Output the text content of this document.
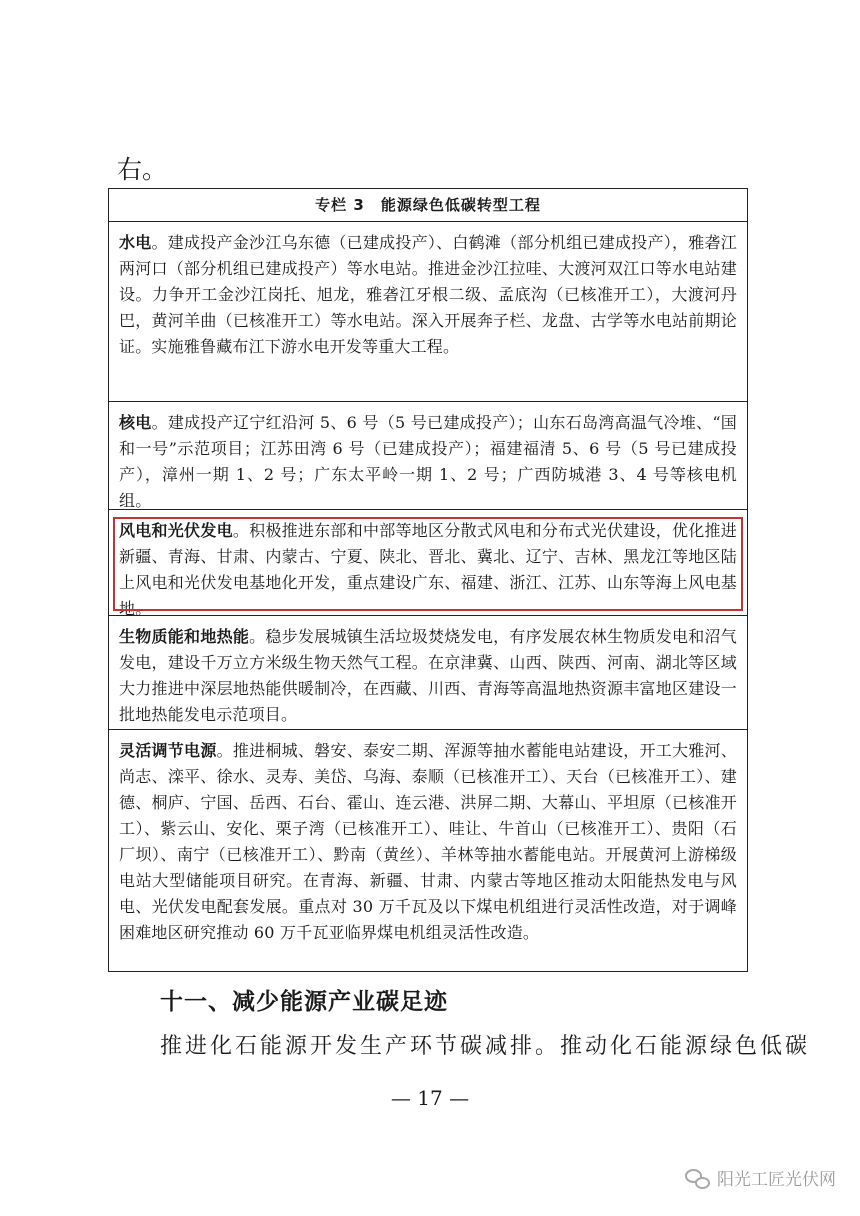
右。
专栏 3　能源绿色低碳转型工程
水电。建成投产金沙江乌东德（已建成投产）、白鹤滩（部分机组已建成投产），雅砻江两河口（部分机组已建成投产）等水电站。推进金沙江拉哇、大渡河双江口等水电站建设。力争开工金沙江岗托、旭龙，雅砻江牙根二级、孟底沟（已核准开工），大渡河丹巴，黄河羊曲（已核准开工）等水电站。深入开展奔子栏、龙盘、古学等水电站前期论证。实施雅鲁藏布江下游水电开发等重大工程。
核电。建成投产辽宁红沿河 5、6 号（5 号已建成投产）；山东石岛湾高温气冷堆、“国和一号”示范项目；江苏田湾 6 号（已建成投产）；福建福清 5、6 号（5 号已建成投产），漳州一期 1、2 号；广东太平岭一期 1、2 号；广西防城港 3、4 号等核电机组。
风电和光伏发电。积极推进东部和中部等地区分散式风电和分布式光伏建设，优化推进新疆、青海、甘肃、内蒙古、宁夏、陕北、晋北、冀北、辽宁、吉林、黑龙江等地区陆上风电和光伏发电基地化开发，重点建设广东、福建、浙江、江苏、山东等海上风电基地。
生物质能和地热能。稳步发展城镇生活垃圾焚烧发电，有序发展农林生物质发电和沼气发电，建设千万立方米级生物天然气工程。在京津冀、山西、陕西、河南、湖北等区域大力推进中深层地热能供暖制冷，在西藏、川西、青海等高温地热资源丰富地区建设一批地热能发电示范项目。
灵活调节电源。推进桐城、磐安、泰安二期、浑源等抽水蓄能电站建设，开工大雅河、尚志、滦平、徐水、灵寿、美岱、乌海、泰顺（已核准开工）、天台（已核准开工）、建德、桐庐、宁国、岳西、石台、霍山、连云港、洪屏二期、大幕山、平坦原（已核准开工）、紫云山、安化、栗子湾（已核准开工）、哇让、牛首山（已核准开工）、贵阳（石厂坝）、南宁（已核准开工）、黔南（黄丝）、羊林等抽水蓄能电站。开展黄河上游梯级电站大型储能项目研究。在青海、新疆、甘肃、内蒙古等地区推动太阳能热发电与风电、光伏发电配套发展。重点对 30 万千瓦及以下煤电机组进行灵活性改造，对于调峰困难地区研究推动 60 万千瓦亚临界煤电机组灵活性改造。
十一、减少能源产业碳足迹
推进化石能源开发生产环节碳减排。推动化石能源绿色低碳
— 17 —
阳光工匠光伏网
